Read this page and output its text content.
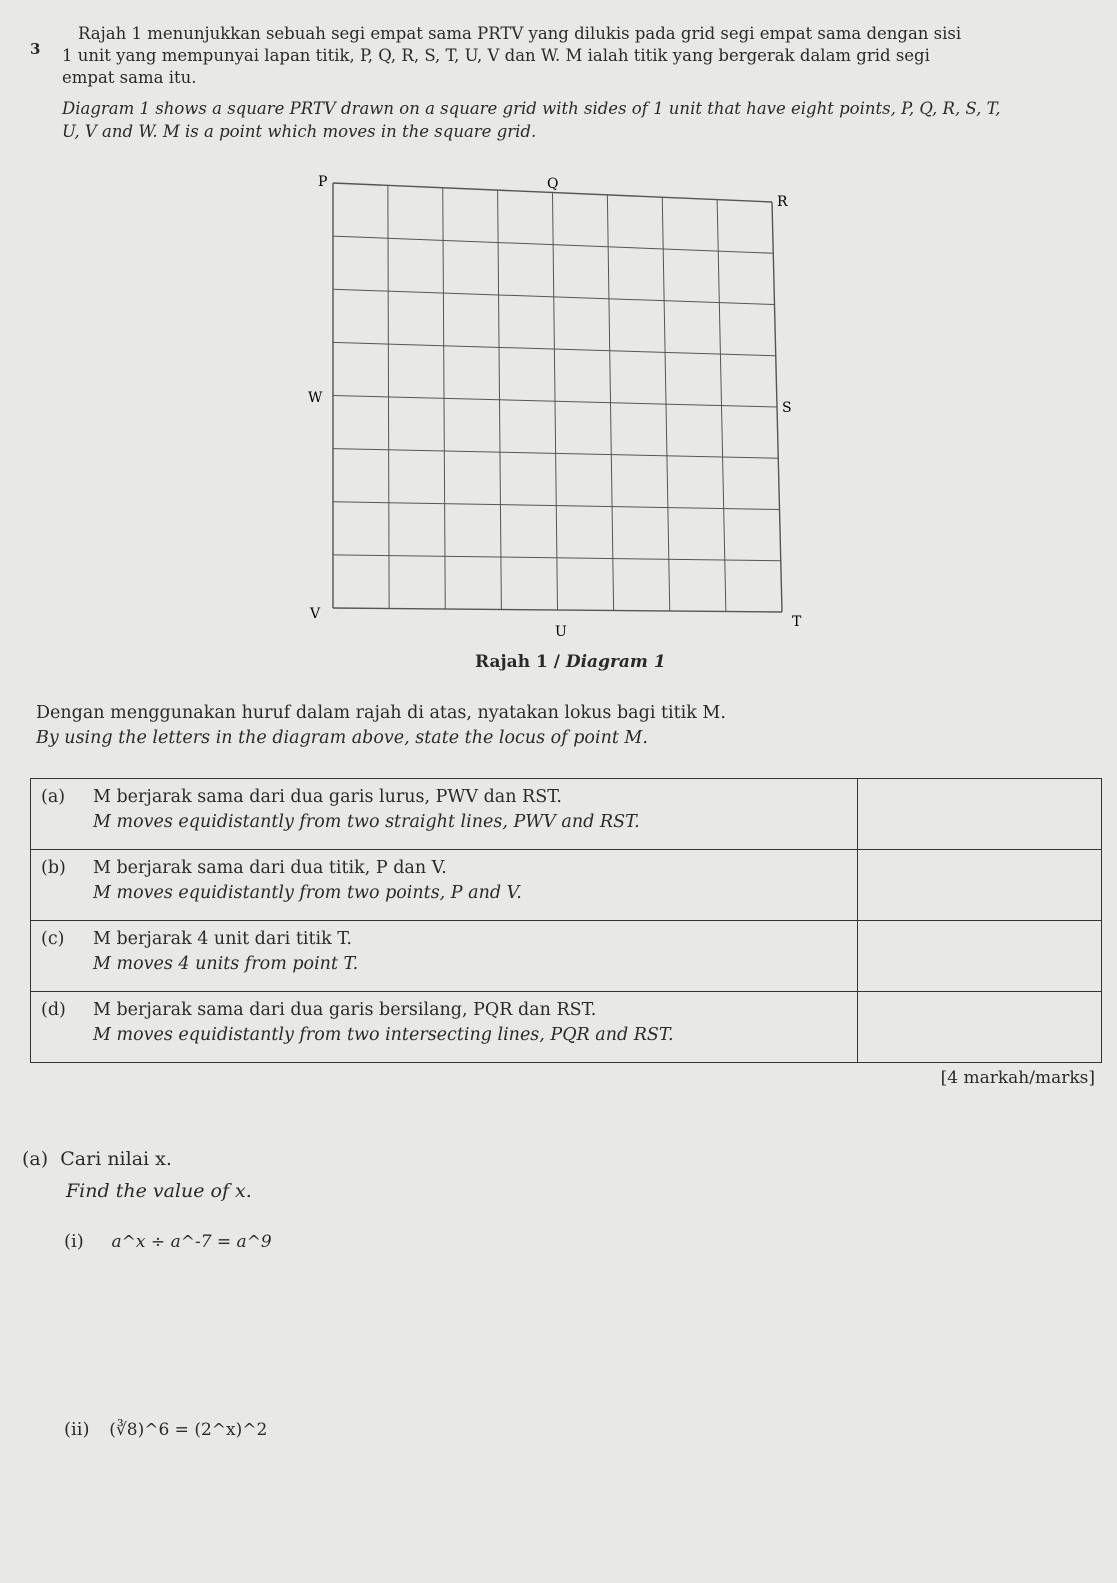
3
Rajah 1 menunjukkan sebuah segi empat sama PRTV yang dilukis pada grid segi empat sama dengan sisi
1 unit yang mempunyai lapan titik, P, Q, R, S, T, U, V dan W. M ialah titik yang bergerak dalam grid segi
empat sama itu.
Diagram 1 shows a square PRTV drawn on a square grid with sides of 1 unit that have eight points, P, Q, R, S, T,
U, V and W. M is a point which moves in the square grid.
P	Q
R
S
T
U
V
W
Rajah 1 / Diagram 1
Dengan menggunakan huruf dalam rajah di atas, nyatakan lokus bagi titik M.
By using the letters in the diagram above, state the locus of point M.
(a) M berjarak sama dari dua garis lurus, PWV dan RST.
M moves equidistantly from two straight lines, PWV and RST.	

(b) M berjarak sama dari dua titik, P dan V.
M moves equidistantly from two points, P and V.	

(c) M berjarak 4 unit dari titik T.
M moves 4 units from point T.	

(d) M berjarak sama dari dua garis bersilang, PQR dan RST.
M moves equidistantly from two intersecting lines, PQR and RST.	

[4 markah/marks]
(a) Cari nilai x.
Find the value of x.
(i) a^x ÷ a^-7 = a^9
(ii) (∛8)^6 = (2^x)^2
